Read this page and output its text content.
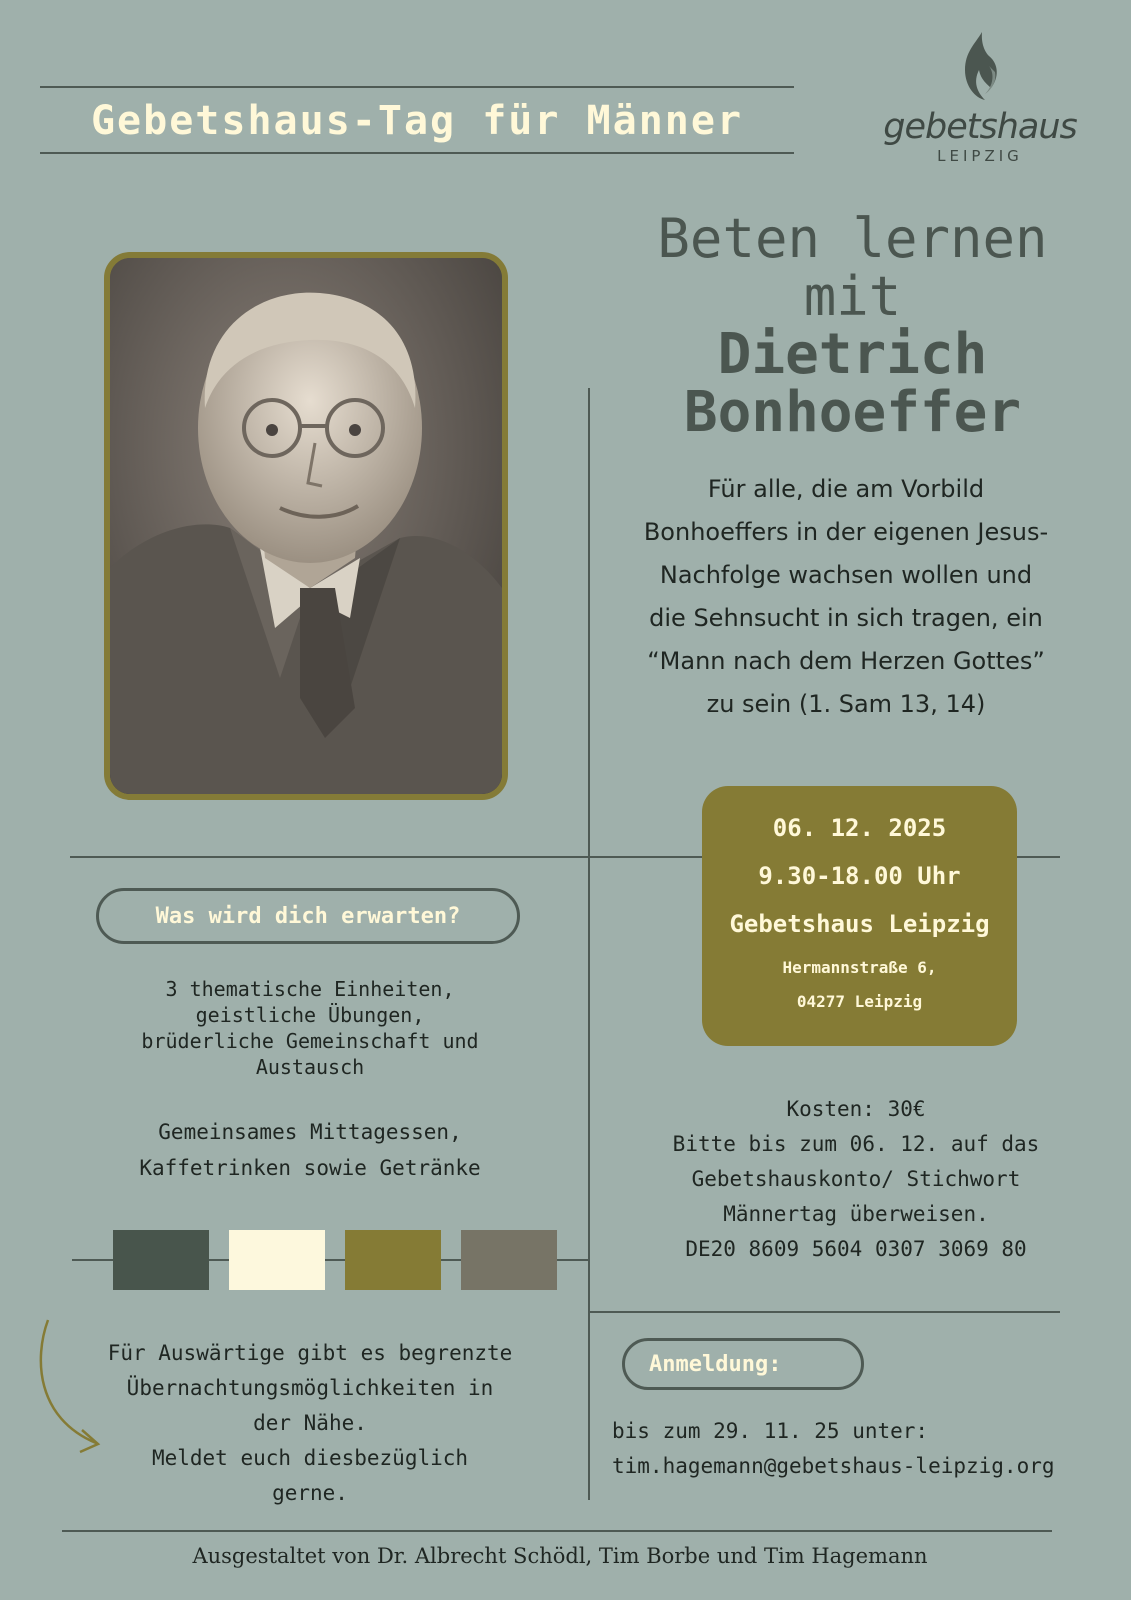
Gebetshaus-Tag für Männer	gebetshaus
LEIPZIG
Beten lernen
mit
Dietrich
Bonhoeffer
Für alle, die am Vorbild
Bonhoeffers in der eigenen Jesus-
Nachfolge wachsen wollen und
die Sehnsucht in sich tragen, ein
“Mann nach dem Herzen Gottes”
zu sein (1. Sam 13, 14)
06. 12. 2025
9.30-18.00 Uhr
Gebetshaus Leipzig
Hermannstraße 6,
04277 Leipzig
Was wird dich erwarten?
3 thematische Einheiten,
geistliche Übungen,
brüderliche Gemeinschaft und
Austausch
Gemeinsames Mittagessen,
Kaffetrinken sowie Getränke
Für Auswärtige gibt es begrenzte
Übernachtungsmöglichkeiten in
der Nähe.
Meldet euch diesbezüglich
gerne.
Kosten: 30€
Bitte bis zum 06. 12. auf das
Gebetshauskonto/ Stichwort
Männertag überweisen.
DE20 8609 5604 0307 3069 80
Anmeldung:
bis zum 29. 11. 25 unter:
tim.hagemann@gebetshaus-leipzig.org
Ausgestaltet von Dr. Albrecht Schödl, Tim Borbe und Tim Hagemann
